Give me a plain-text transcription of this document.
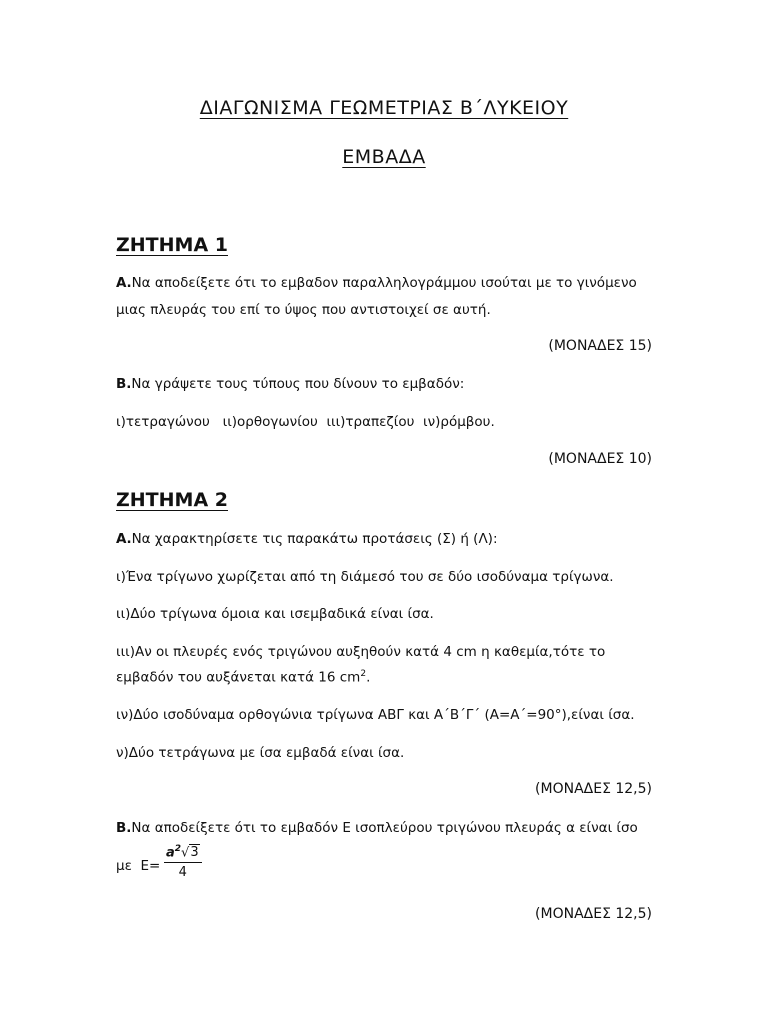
ΔΙΑΓΩΝΙΣΜΑ ΓΕΩΜΕΤΡΙΑΣ Β΄ΛΥΚΕΙΟΥ
ΕΜΒΑΔΑ
ΖΗΤΗΜΑ 1
Α.Να αποδείξετε ότι το εμβαδον παραλληλογράμμου ισούται με το γινόμενο
μιας πλευράς του επί το ύψος που αντιστοιχεί σε αυτή.
(ΜΟΝΑΔΕΣ 15)
Β.Να γράψετε τους τύπους που δίνουν το εμβαδόν:
ι)τετραγώνου   ιι)ορθογωνίου  ιιι)τραπεζίου  ιν)ρόμβου.
(ΜΟΝΑΔΕΣ 10)
ΖΗΤΗΜΑ 2
Α.Να χαρακτηρίσετε τις παρακάτω προτάσεις (Σ) ή (Λ):
ι)Ένα τρίγωνο χωρίζεται από τη διάμεσό του σε δύο ισοδύναμα τρίγωνα.
ιι)Δύο τρίγωνα όμοια και ισεμβαδικά είναι ίσα.
ιιι)Αν οι πλευρές ενός τριγώνου αυξηθούν κατά 4 cm η καθεμία,τότε το
εμβαδόν του αυξάνεται κατά 16 $cm^2$.
ιν)Δύο ισοδύναμα ορθογώνια τρίγωνα ΑΒΓ και Α΄Β΄Γ΄ (Α=Α΄=90°),είναι ίσα.
ν)Δύο τετράγωνα με ίσα εμβαδά είναι ίσα.
(ΜΟΝΑΔΕΣ 12,5)
Β.Να αποδείξετε ότι το εμβαδόν Ε ισοπλεύρου τριγώνου πλευράς α είναι ίσο
με  Ε=
$a^2√3$
4
(ΜΟΝΑΔΕΣ 12,5)
